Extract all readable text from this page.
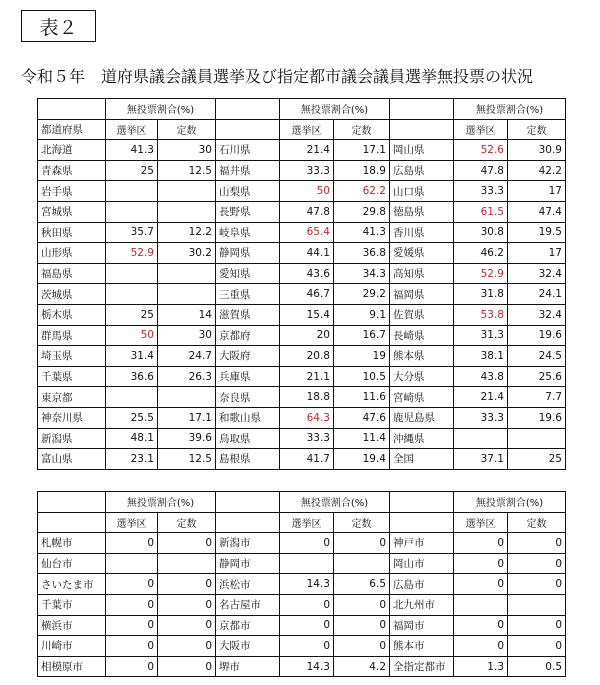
表２
令和５年　道府県議会議員選挙及び指定都市議会議員選挙無投票の状況
	無投票割合(%)			無投票割合(%)			無投票割合(%)	
都道府県	選挙区	定数		選挙区	定数		選挙区	定数
北海道	41.3	30	石川県	21.4	17.1	岡山県	52.6	30.9
青森県	25	12.5	福井県	33.3	18.9	広島県	47.8	42.2
岩手県			山梨県	50	62.2	山口県	33.3	17
宮城県			長野県	47.8	29.8	徳島県	61.5	47.4
秋田県	35.7	12.2	岐阜県	65.4	41.3	香川県	30.8	19.5
山形県	52.9	30.2	静岡県	44.1	36.8	愛媛県	46.2	17
福島県			愛知県	43.6	34.3	高知県	52.9	32.4
茨城県			三重県	46.7	29.2	福岡県	31.8	24.1
栃木県	25	14	滋賀県	15.4	9.1	佐賀県	53.8	32.4
群馬県	50	30	京都府	20	16.7	長崎県	31.3	19.6
埼玉県	31.4	24.7	大阪府	20.8	19	熊本県	38.1	24.5
千葉県	36.6	26.3	兵庫県	21.1	10.5	大分県	43.8	25.6
東京都			奈良県	18.8	11.6	宮崎県	21.4	7.7
神奈川県	25.5	17.1	和歌山県	64.3	47.6	鹿児島県	33.3	19.6
新潟県	48.1	39.6	鳥取県	33.3	11.4	沖縄県		
富山県	23.1	12.5	島根県	41.7	19.4	全国	37.1	25
	無投票割合(%)			無投票割合(%)			無投票割合(%)	
	選挙区	定数		選挙区	定数		選挙区	定数
札幌市	0	0	新潟市	0	0	神戸市	0	0
仙台市			静岡市			岡山市	0	0
さいたま市	0	0	浜松市	14.3	6.5	広島市	0	0
千葉市	0	0	名古屋市	0	0	北九州市		
横浜市	0	0	京都市	0	0	福岡市	0	0
川崎市	0	0	大阪市	0	0	熊本市	0	0
相模原市	0	0	堺市	14.3	4.2	全指定都市	1.3	0.5
